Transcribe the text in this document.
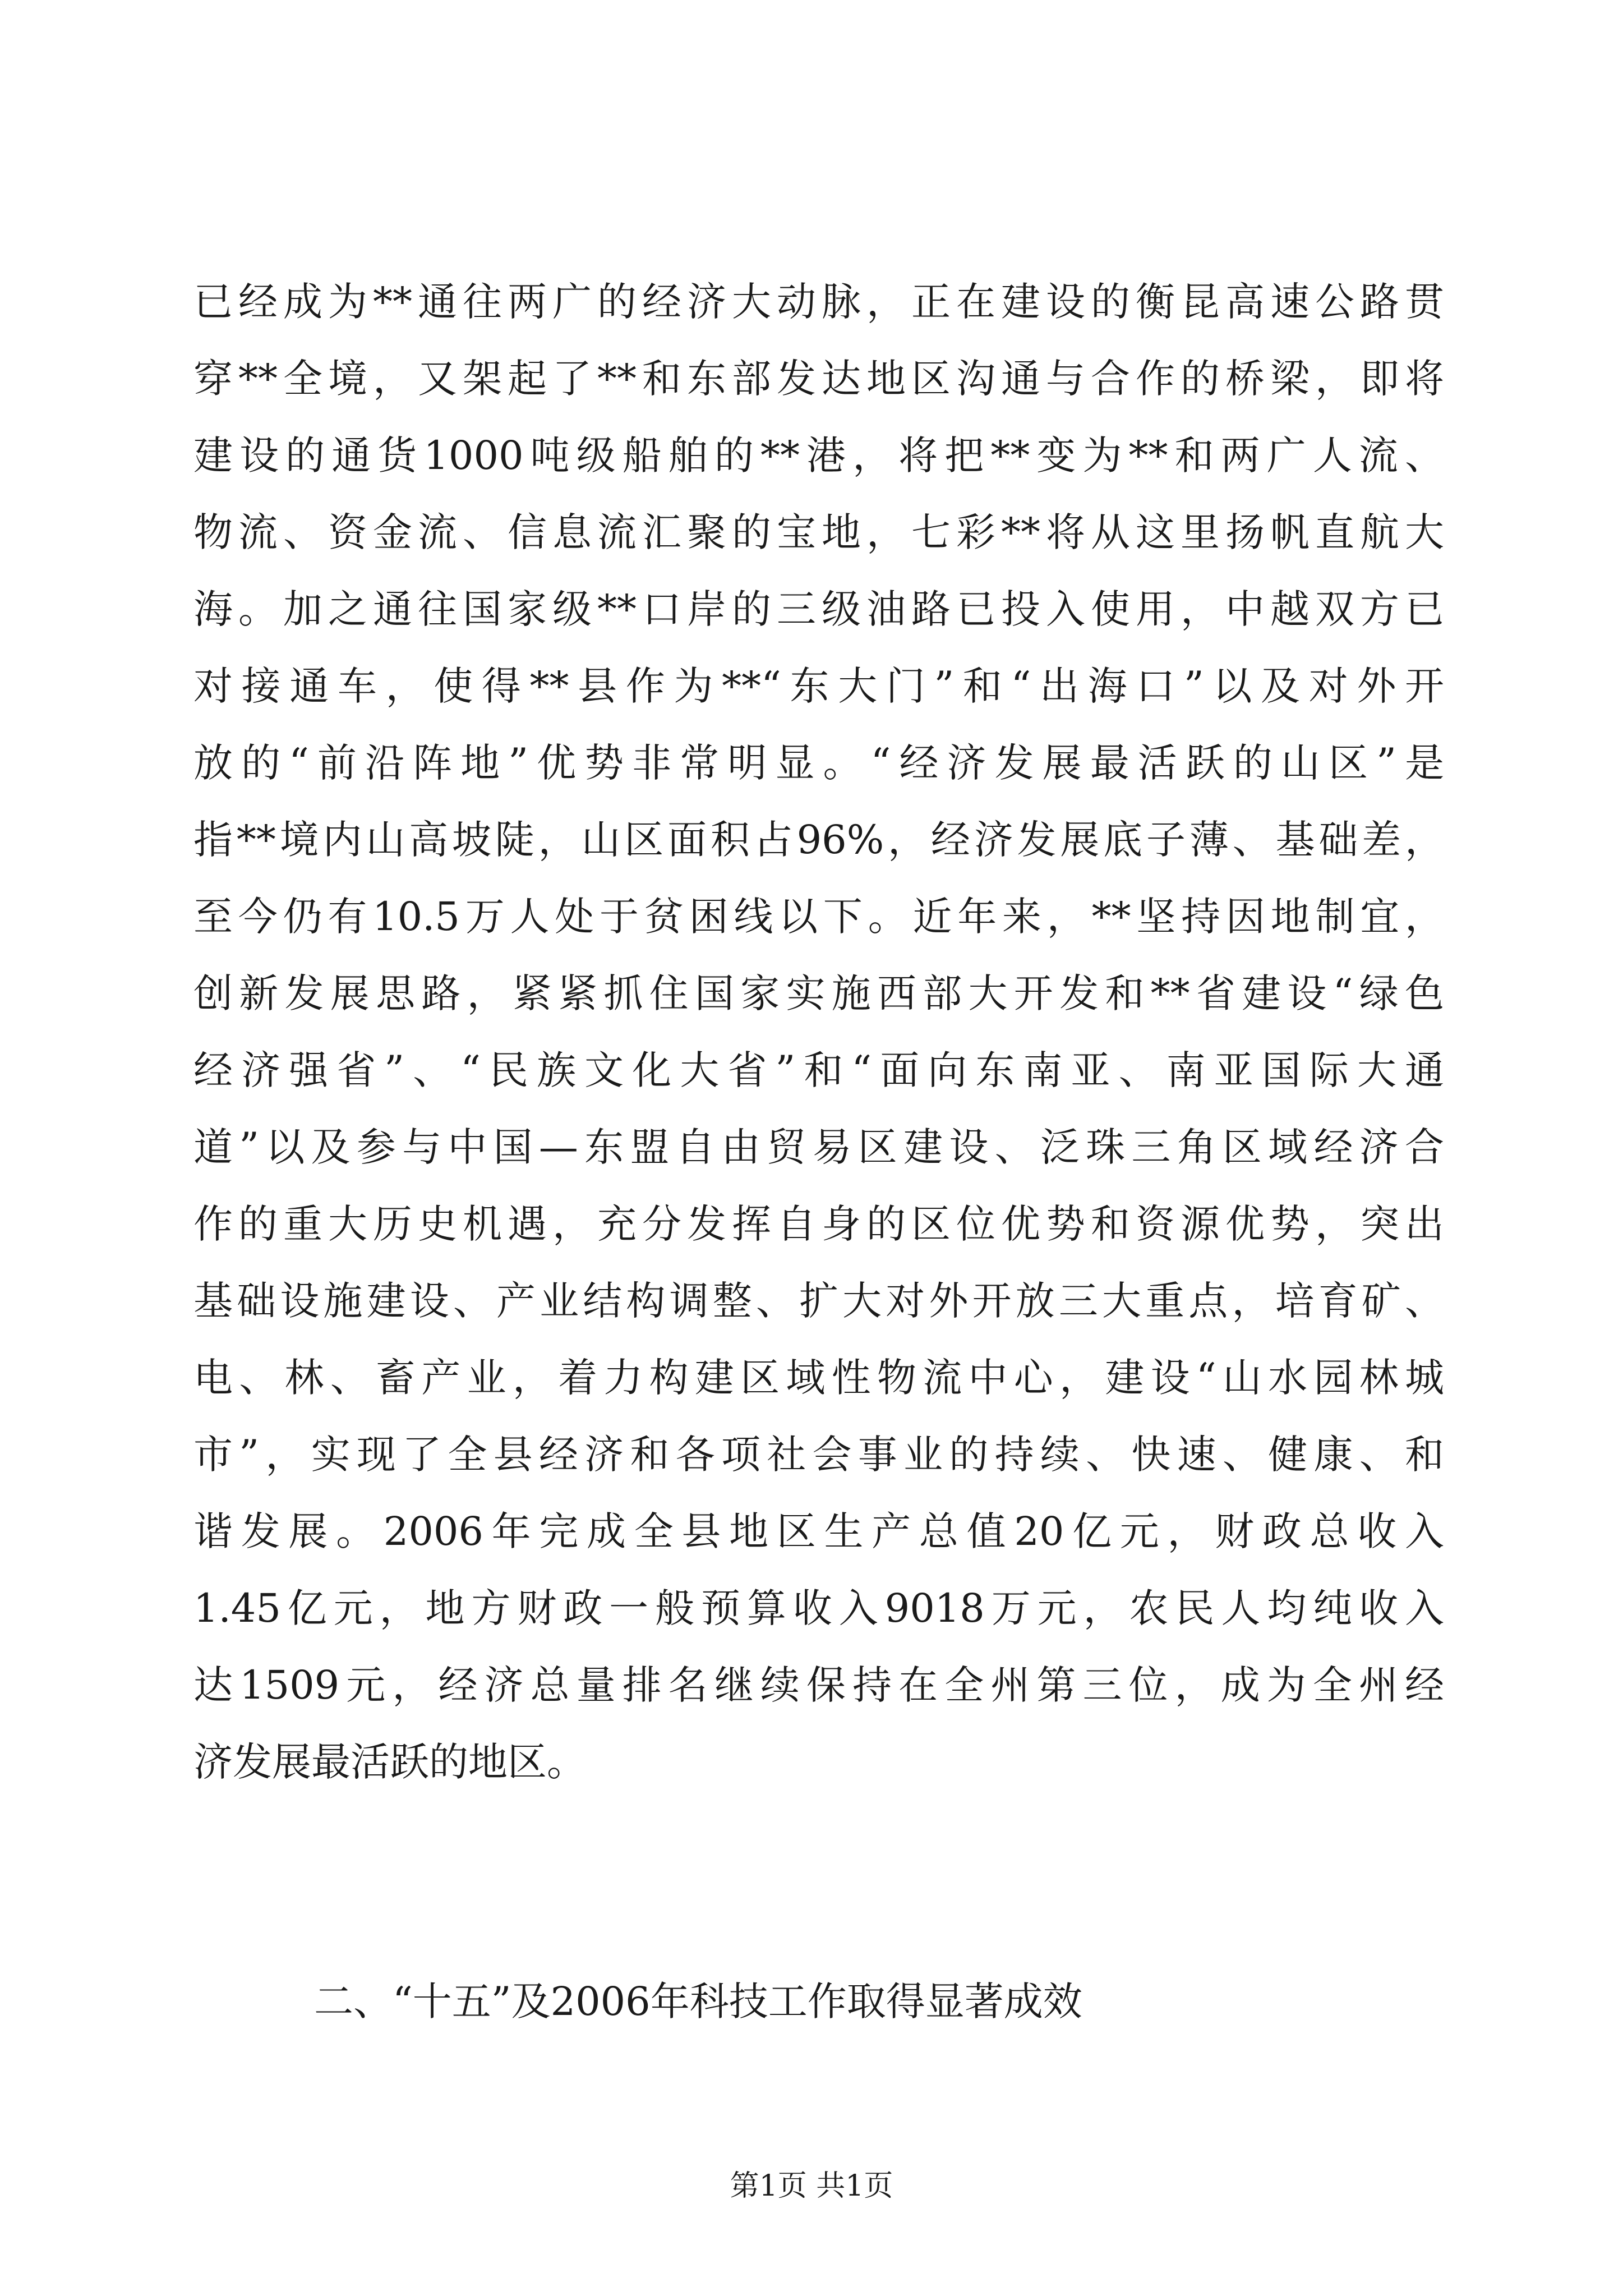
已经成为**通往两广的经济大动脉，正在建设的衡昆高速公路贯
穿**全境，又架起了**和东部发达地区沟通与合作的桥梁，即将
建设的通货1000吨级船舶的**港，将把**变为**和两广人流、
物流、资金流、信息流汇聚的宝地，七彩**将从这里扬帆直航大
海。加之通往国家级**口岸的三级油路已投入使用，中越双方已
对接通车，使得**县作为**“东大门”和“出海口”以及对外开
放的“前沿阵地”优势非常明显。“经济发展最活跃的山区”是
指**境内山高坡陡，山区面积占96%，经济发展底子薄、基础差，
至今仍有10.5万人处于贫困线以下。近年来，**坚持因地制宜，
创新发展思路，紧紧抓住国家实施西部大开发和**省建设“绿色
经济强省”、“民族文化大省”和“面向东南亚、南亚国际大通
道”以及参与中国—东盟自由贸易区建设、泛珠三角区域经济合
作的重大历史机遇，充分发挥自身的区位优势和资源优势，突出
基础设施建设、产业结构调整、扩大对外开放三大重点，培育矿、
电、林、畜产业，着力构建区域性物流中心，建设“山水园林城
市”，实现了全县经济和各项社会事业的持续、快速、健康、和
谐发展。2006年完成全县地区生产总值20亿元，财政总收入
1.45亿元，地方财政一般预算收入9018万元，农民人均纯收入
达1509元，经济总量排名继续保持在全州第三位，成为全州经
济发展最活跃的地区。
二、“十五”及2006年科技工作取得显著成效
第1页 共1页
